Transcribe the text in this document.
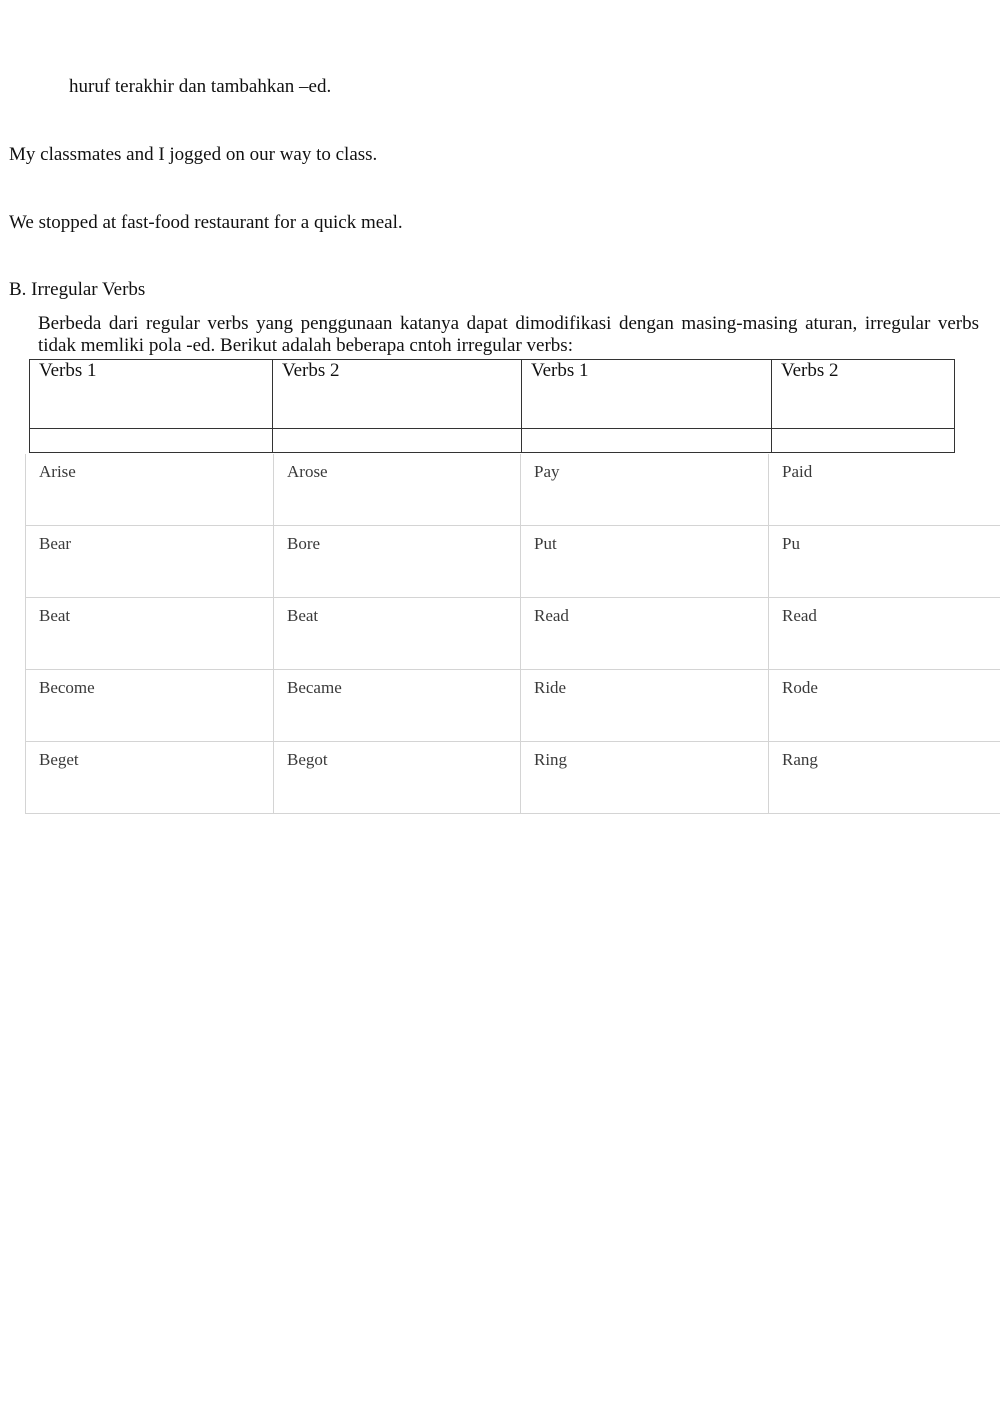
huruf terakhir dan tambahkan –ed.
My classmates and I jogged on our way to class.
We stopped at fast-food restaurant for a quick meal.
B. Irregular Verbs
Berbeda dari regular verbs yang penggunaan katanya dapat dimodifikasi dengan masing-masing aturan, irregular verbs tidak memliki pola -ed. Berikut adalah beberapa cntoh irregular verbs:
Verbs 1	Verbs 2	Verbs 1	Verbs 2

Arise	Arose	Pay	Paid
Bear	Bore	Put	Pu
Beat	Beat	Read	Read
Become	Became	Ride	Rode
Beget	Begot	Ring	Rang
